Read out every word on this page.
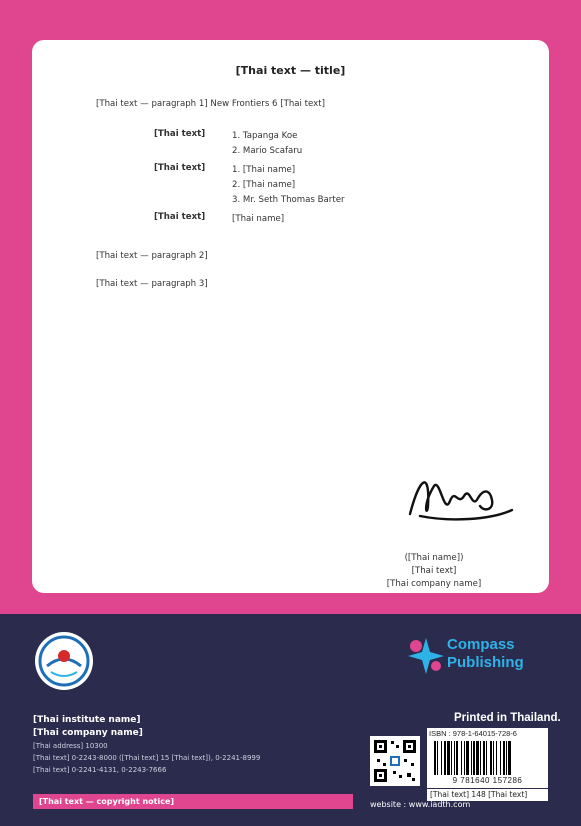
[Thai text — title]

[Thai text — paragraph 1] New Frontiers 6 [Thai text]

[Thai text]	1. Tapanga Koe
2. Mario Scafaru
[Thai text]	1. [Thai name]
2. [Thai name]
3. Mr. Seth Thomas Barter
[Thai text]	[Thai name]

[Thai text — paragraph 2]

[Thai text — paragraph 3]

([Thai name])
[Thai text]
[Thai company name]
Compass
Publishing
[Thai institute name]
[Thai company name]
[Thai address] 10300
[Thai text] 0-2243-8000 ([Thai text] 15 [Thai text]), 0-2241-8999
[Thai text] 0-2241-4131, 0-2243-7666
Printed in Thailand.
ISBN : 978-1-64015-728-6
9 781640 157286
[Thai text] 148 [Thai text]
website : www.iadth.com
[Thai text — copyright notice]
